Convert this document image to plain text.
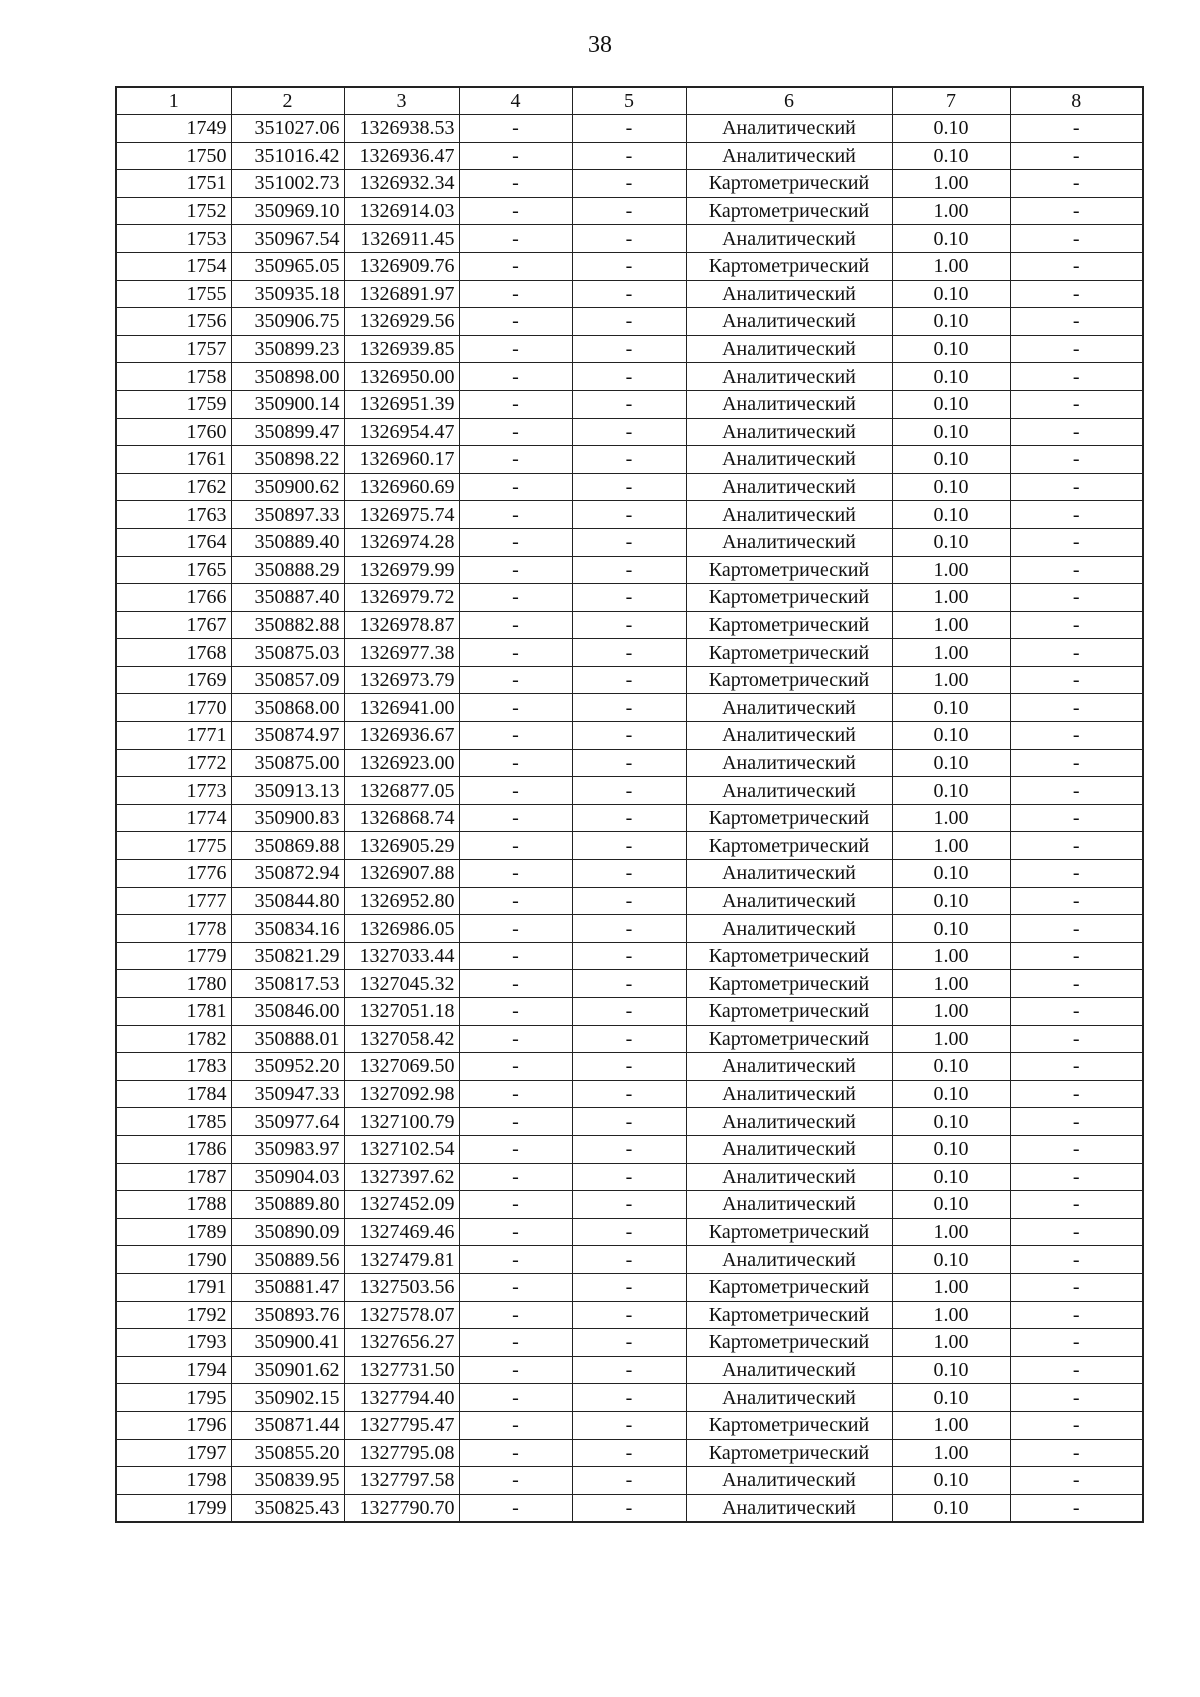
38
1	2	3	4	5	6	7	8
1749	351027.06	1326938.53	-	-	Аналитический	0.10	-
1750	351016.42	1326936.47	-	-	Аналитический	0.10	-
1751	351002.73	1326932.34	-	-	Картометрический	1.00	-
1752	350969.10	1326914.03	-	-	Картометрический	1.00	-
1753	350967.54	1326911.45	-	-	Аналитический	0.10	-
1754	350965.05	1326909.76	-	-	Картометрический	1.00	-
1755	350935.18	1326891.97	-	-	Аналитический	0.10	-
1756	350906.75	1326929.56	-	-	Аналитический	0.10	-
1757	350899.23	1326939.85	-	-	Аналитический	0.10	-
1758	350898.00	1326950.00	-	-	Аналитический	0.10	-
1759	350900.14	1326951.39	-	-	Аналитический	0.10	-
1760	350899.47	1326954.47	-	-	Аналитический	0.10	-
1761	350898.22	1326960.17	-	-	Аналитический	0.10	-
1762	350900.62	1326960.69	-	-	Аналитический	0.10	-
1763	350897.33	1326975.74	-	-	Аналитический	0.10	-
1764	350889.40	1326974.28	-	-	Аналитический	0.10	-
1765	350888.29	1326979.99	-	-	Картометрический	1.00	-
1766	350887.40	1326979.72	-	-	Картометрический	1.00	-
1767	350882.88	1326978.87	-	-	Картометрический	1.00	-
1768	350875.03	1326977.38	-	-	Картометрический	1.00	-
1769	350857.09	1326973.79	-	-	Картометрический	1.00	-
1770	350868.00	1326941.00	-	-	Аналитический	0.10	-
1771	350874.97	1326936.67	-	-	Аналитический	0.10	-
1772	350875.00	1326923.00	-	-	Аналитический	0.10	-
1773	350913.13	1326877.05	-	-	Аналитический	0.10	-
1774	350900.83	1326868.74	-	-	Картометрический	1.00	-
1775	350869.88	1326905.29	-	-	Картометрический	1.00	-
1776	350872.94	1326907.88	-	-	Аналитический	0.10	-
1777	350844.80	1326952.80	-	-	Аналитический	0.10	-
1778	350834.16	1326986.05	-	-	Аналитический	0.10	-
1779	350821.29	1327033.44	-	-	Картометрический	1.00	-
1780	350817.53	1327045.32	-	-	Картометрический	1.00	-
1781	350846.00	1327051.18	-	-	Картометрический	1.00	-
1782	350888.01	1327058.42	-	-	Картометрический	1.00	-
1783	350952.20	1327069.50	-	-	Аналитический	0.10	-
1784	350947.33	1327092.98	-	-	Аналитический	0.10	-
1785	350977.64	1327100.79	-	-	Аналитический	0.10	-
1786	350983.97	1327102.54	-	-	Аналитический	0.10	-
1787	350904.03	1327397.62	-	-	Аналитический	0.10	-
1788	350889.80	1327452.09	-	-	Аналитический	0.10	-
1789	350890.09	1327469.46	-	-	Картометрический	1.00	-
1790	350889.56	1327479.81	-	-	Аналитический	0.10	-
1791	350881.47	1327503.56	-	-	Картометрический	1.00	-
1792	350893.76	1327578.07	-	-	Картометрический	1.00	-
1793	350900.41	1327656.27	-	-	Картометрический	1.00	-
1794	350901.62	1327731.50	-	-	Аналитический	0.10	-
1795	350902.15	1327794.40	-	-	Аналитический	0.10	-
1796	350871.44	1327795.47	-	-	Картометрический	1.00	-
1797	350855.20	1327795.08	-	-	Картометрический	1.00	-
1798	350839.95	1327797.58	-	-	Аналитический	0.10	-
1799	350825.43	1327790.70	-	-	Аналитический	0.10	-
